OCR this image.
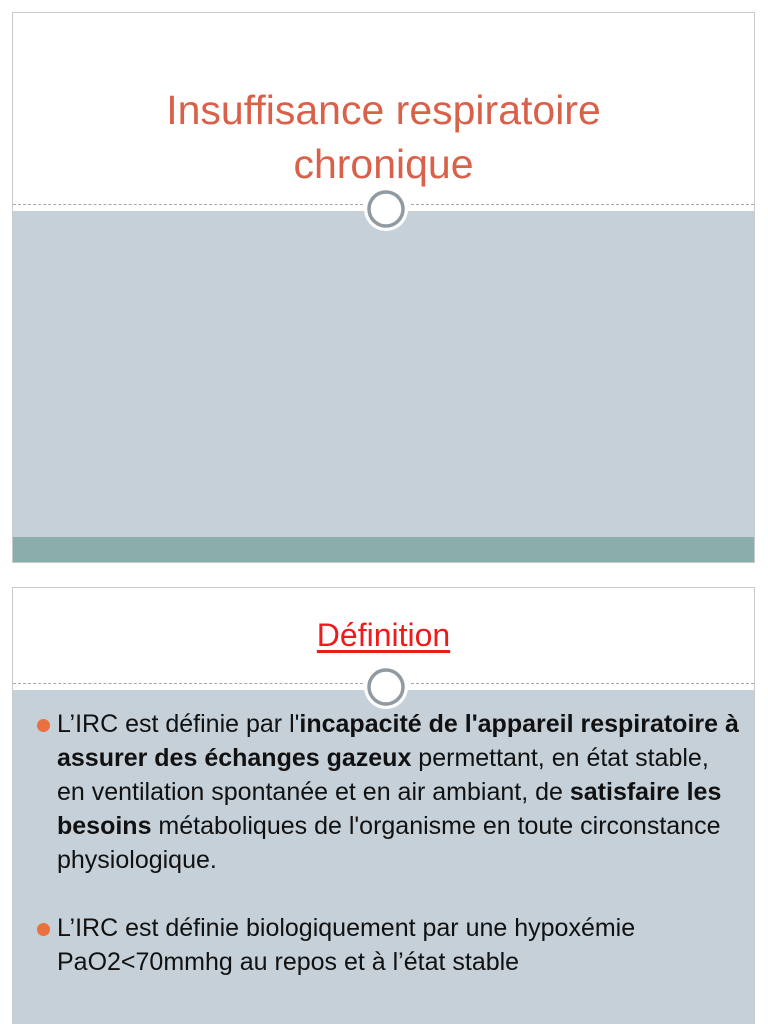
Insuffisance respiratoire
chronique
Définition
L’IRC est définie par l'incapacité de l'appareil respiratoire à assurer des échanges gazeux permettant, en état stable, en ventilation spontanée et en air ambiant, de satisfaire les besoins métaboliques de l'organisme en toute circonstance physiologique.
L’IRC est définie biologiquement par une hypoxémie PaO2<70mmhg au repos et à l’état stable
